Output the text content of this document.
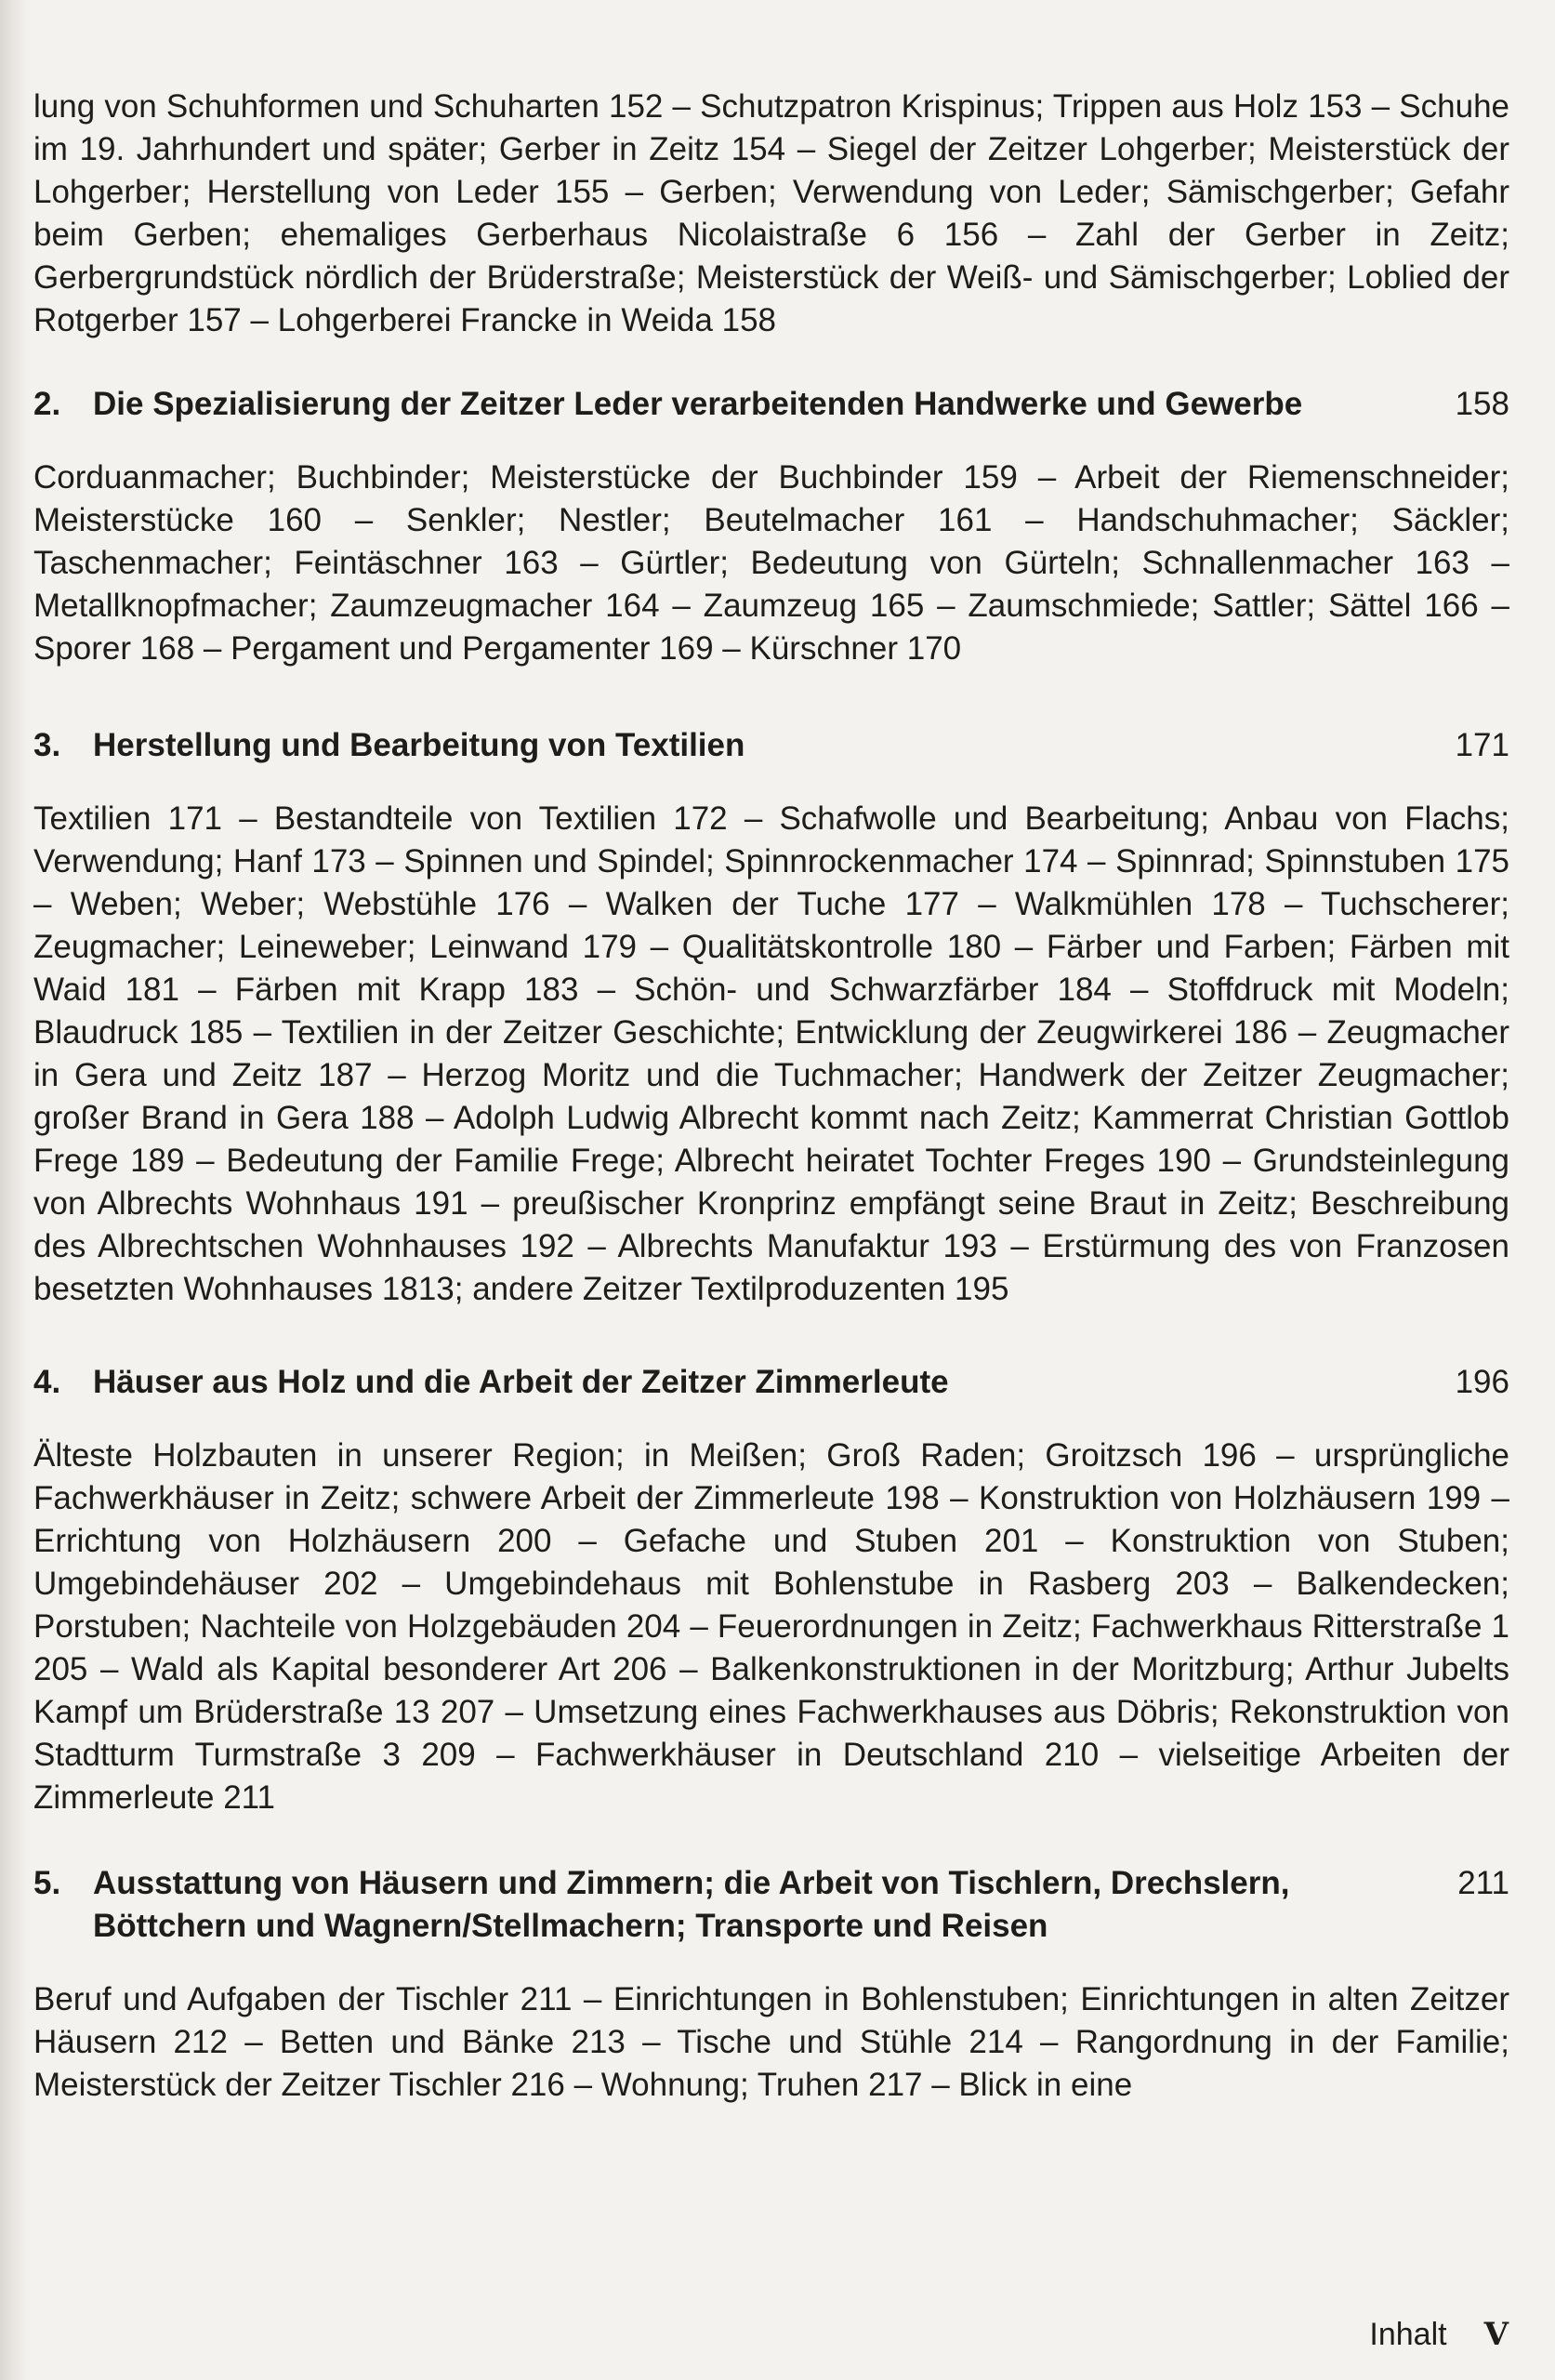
lung von Schuhformen und Schuharten 152 – Schutzpatron Krispinus; Trippen aus Holz 153 – Schuhe im 19. Jahrhundert und später; Gerber in Zeitz 154 – Siegel der Zeitzer Lohgerber; Meisterstück der Lohgerber; Herstellung von Leder 155 – Gerben; Verwendung von Leder; Sämischgerber; Gefahr beim Gerben; ehemaliges Gerberhaus Nicolaistraße 6 156 – Zahl der Gerber in Zeitz; Gerbergrundstück nördlich der Brüderstraße; Meisterstück der Weiß- und Sämischgerber; Loblied der Rotgerber 157 – Lohgerberei Francke in Weida 158

2. Die Spezialisierung der Zeitzer Leder verarbeitenden Handwerke und Gewerbe	158

Corduanmacher; Buchbinder; Meisterstücke der Buchbinder 159 – Arbeit der Riemenschneider; Meisterstücke 160 – Senkler; Nestler; Beutelmacher 161 – Handschuhmacher; Säckler; Taschenmacher; Feintäschner 163 – Gürtler; Bedeutung von Gürteln; Schnallenmacher 163 – Metallknopfmacher; Zaumzeugmacher 164 – Zaumzeug 165 – Zaumschmiede; Sattler; Sättel 166 – Sporer 168 – Pergament und Pergamenter 169 – Kürschner 170

3. Herstellung und Bearbeitung von Textilien	171

Textilien 171 – Bestandteile von Textilien 172 – Schafwolle und Bearbeitung; Anbau von Flachs; Verwendung; Hanf 173 – Spinnen und Spindel; Spinnrockenmacher 174 – Spinnrad; Spinnstuben 175 – Weben; Weber; Webstühle 176 – Walken der Tuche 177 – Walkmühlen 178 – Tuchscherer; Zeugmacher; Leineweber; Leinwand 179 – Qualitätskontrolle 180 – Färber und Farben; Färben mit Waid 181 – Färben mit Krapp 183 – Schön- und Schwarzfärber 184 – Stoffdruck mit Modeln; Blaudruck 185 – Textilien in der Zeitzer Geschichte; Entwicklung der Zeugwirkerei 186 – Zeugmacher in Gera und Zeitz 187 – Herzog Moritz und die Tuchmacher; Handwerk der Zeitzer Zeugmacher; großer Brand in Gera 188 – Adolph Ludwig Albrecht kommt nach Zeitz; Kammerrat Christian Gottlob Frege 189 – Bedeutung der Familie Frege; Albrecht heiratet Tochter Freges 190 – Grundsteinlegung von Albrechts Wohnhaus 191 – preußischer Kronprinz empfängt seine Braut in Zeitz; Beschreibung des Albrechtschen Wohnhauses 192 – Albrechts Manufaktur 193 – Erstürmung des von Franzosen besetzten Wohnhauses 1813; andere Zeitzer Textilproduzenten 195

4. Häuser aus Holz und die Arbeit der Zeitzer Zimmerleute	196

Älteste Holzbauten in unserer Region; in Meißen; Groß Raden; Groitzsch 196 – ursprüngliche Fachwerkhäuser in Zeitz; schwere Arbeit der Zimmerleute 198 – Konstruktion von Holzhäusern 199 – Errichtung von Holzhäusern 200 – Gefache und Stuben 201 – Konstruktion von Stuben; Umgebindehäuser 202 – Umgebindehaus mit Bohlenstube in Rasberg 203 – Balkendecken; Porstuben; Nachteile von Holzgebäuden 204 – Feuerordnungen in Zeitz; Fachwerkhaus Ritterstraße 1 205 – Wald als Kapital besonderer Art 206 – Balkenkonstruktionen in der Moritzburg; Arthur Jubelts Kampf um Brüderstraße 13 207 – Umsetzung eines Fachwerkhauses aus Döbris; Rekonstruktion von Stadtturm Turmstraße 3 209 – Fachwerkhäuser in Deutschland 210 – vielseitige Arbeiten der Zimmerleute 211

5. Ausstattung von Häusern und Zimmern; die Arbeit von Tischlern, Drechslern, Böttchern und Wagnern/Stellmachern; Transporte und Reisen
211

Beruf und Aufgaben der Tischler 211 – Einrichtungen in Bohlenstuben; Einrichtungen in alten Zeitzer Häusern 212 – Betten und Bänke 213 – Tische und Stühle 214 – Rangordnung in der Familie; Meisterstück der Zeitzer Tischler 216 – Wohnung; Truhen 217 – Blick in eine

Inhalt V
